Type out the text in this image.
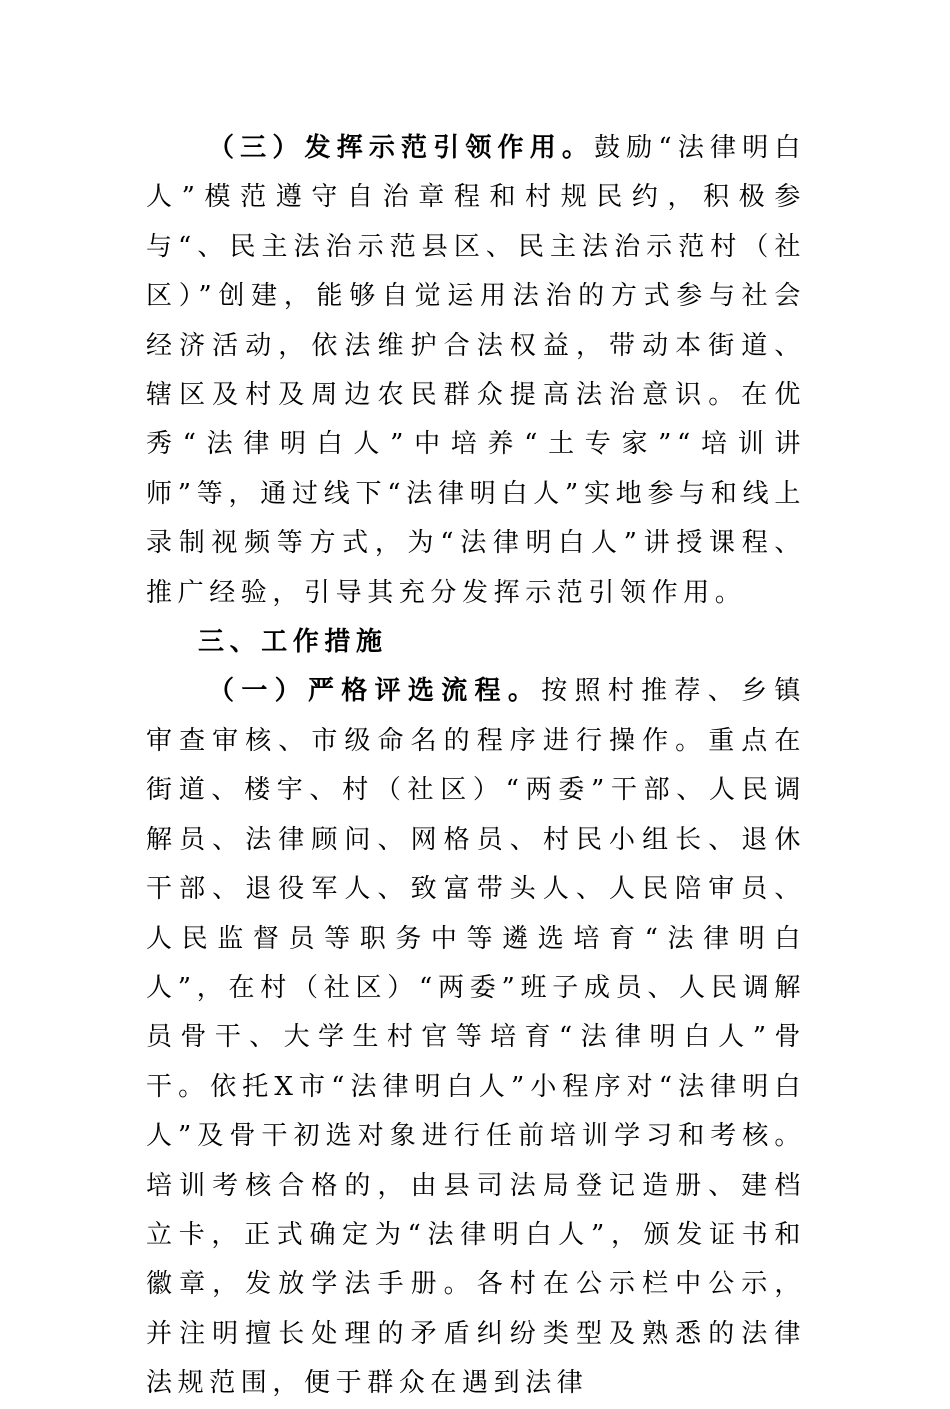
（三）发挥示范引领作用。鼓励“法律明白人”模范遵守自治章程和村规民约，积极参与“、民主法治示范县区、民主法治示范村（社区）”创建，能够自觉运用法治的方式参与社会经济活动，依法维护合法权益，带动本街道、辖区及村及周边农民群众提高法治意识。在优秀“法律明白人”中培养“土专家”“培训讲师”等，通过线下“法律明白人”实地参与和线上录制视频等方式，为“法律明白人”讲授课程、推广经验，引导其充分发挥示范引领作用。

三、工作措施

（一）严格评选流程。按照村推荐、乡镇审查审核、市级命名的程序进行操作。重点在街道、楼宇、村（社区）“两委”干部、人民调解员、法律顾问、网格员、村民小组长、退休干部、退役军人、致富带头人、人民陪审员、人民监督员等职务中等遴选培育“法律明白人”，在村（社区）“两委”班子成员、人民调解员骨干、大学生村官等培育“法律明白人”骨干。依托X市“法律明白人”小程序对“法律明白人”及骨干初选对象进行任前培训学习和考核。培训考核合格的，由县司法局登记造册、建档立卡，正式确定为“法律明白人”，颁发证书和徽章，发放学法手册。各村在公示栏中公示，并注明擅长处理的矛盾纠纷类型及熟悉的法律法规范围，便于群众在遇到法律
